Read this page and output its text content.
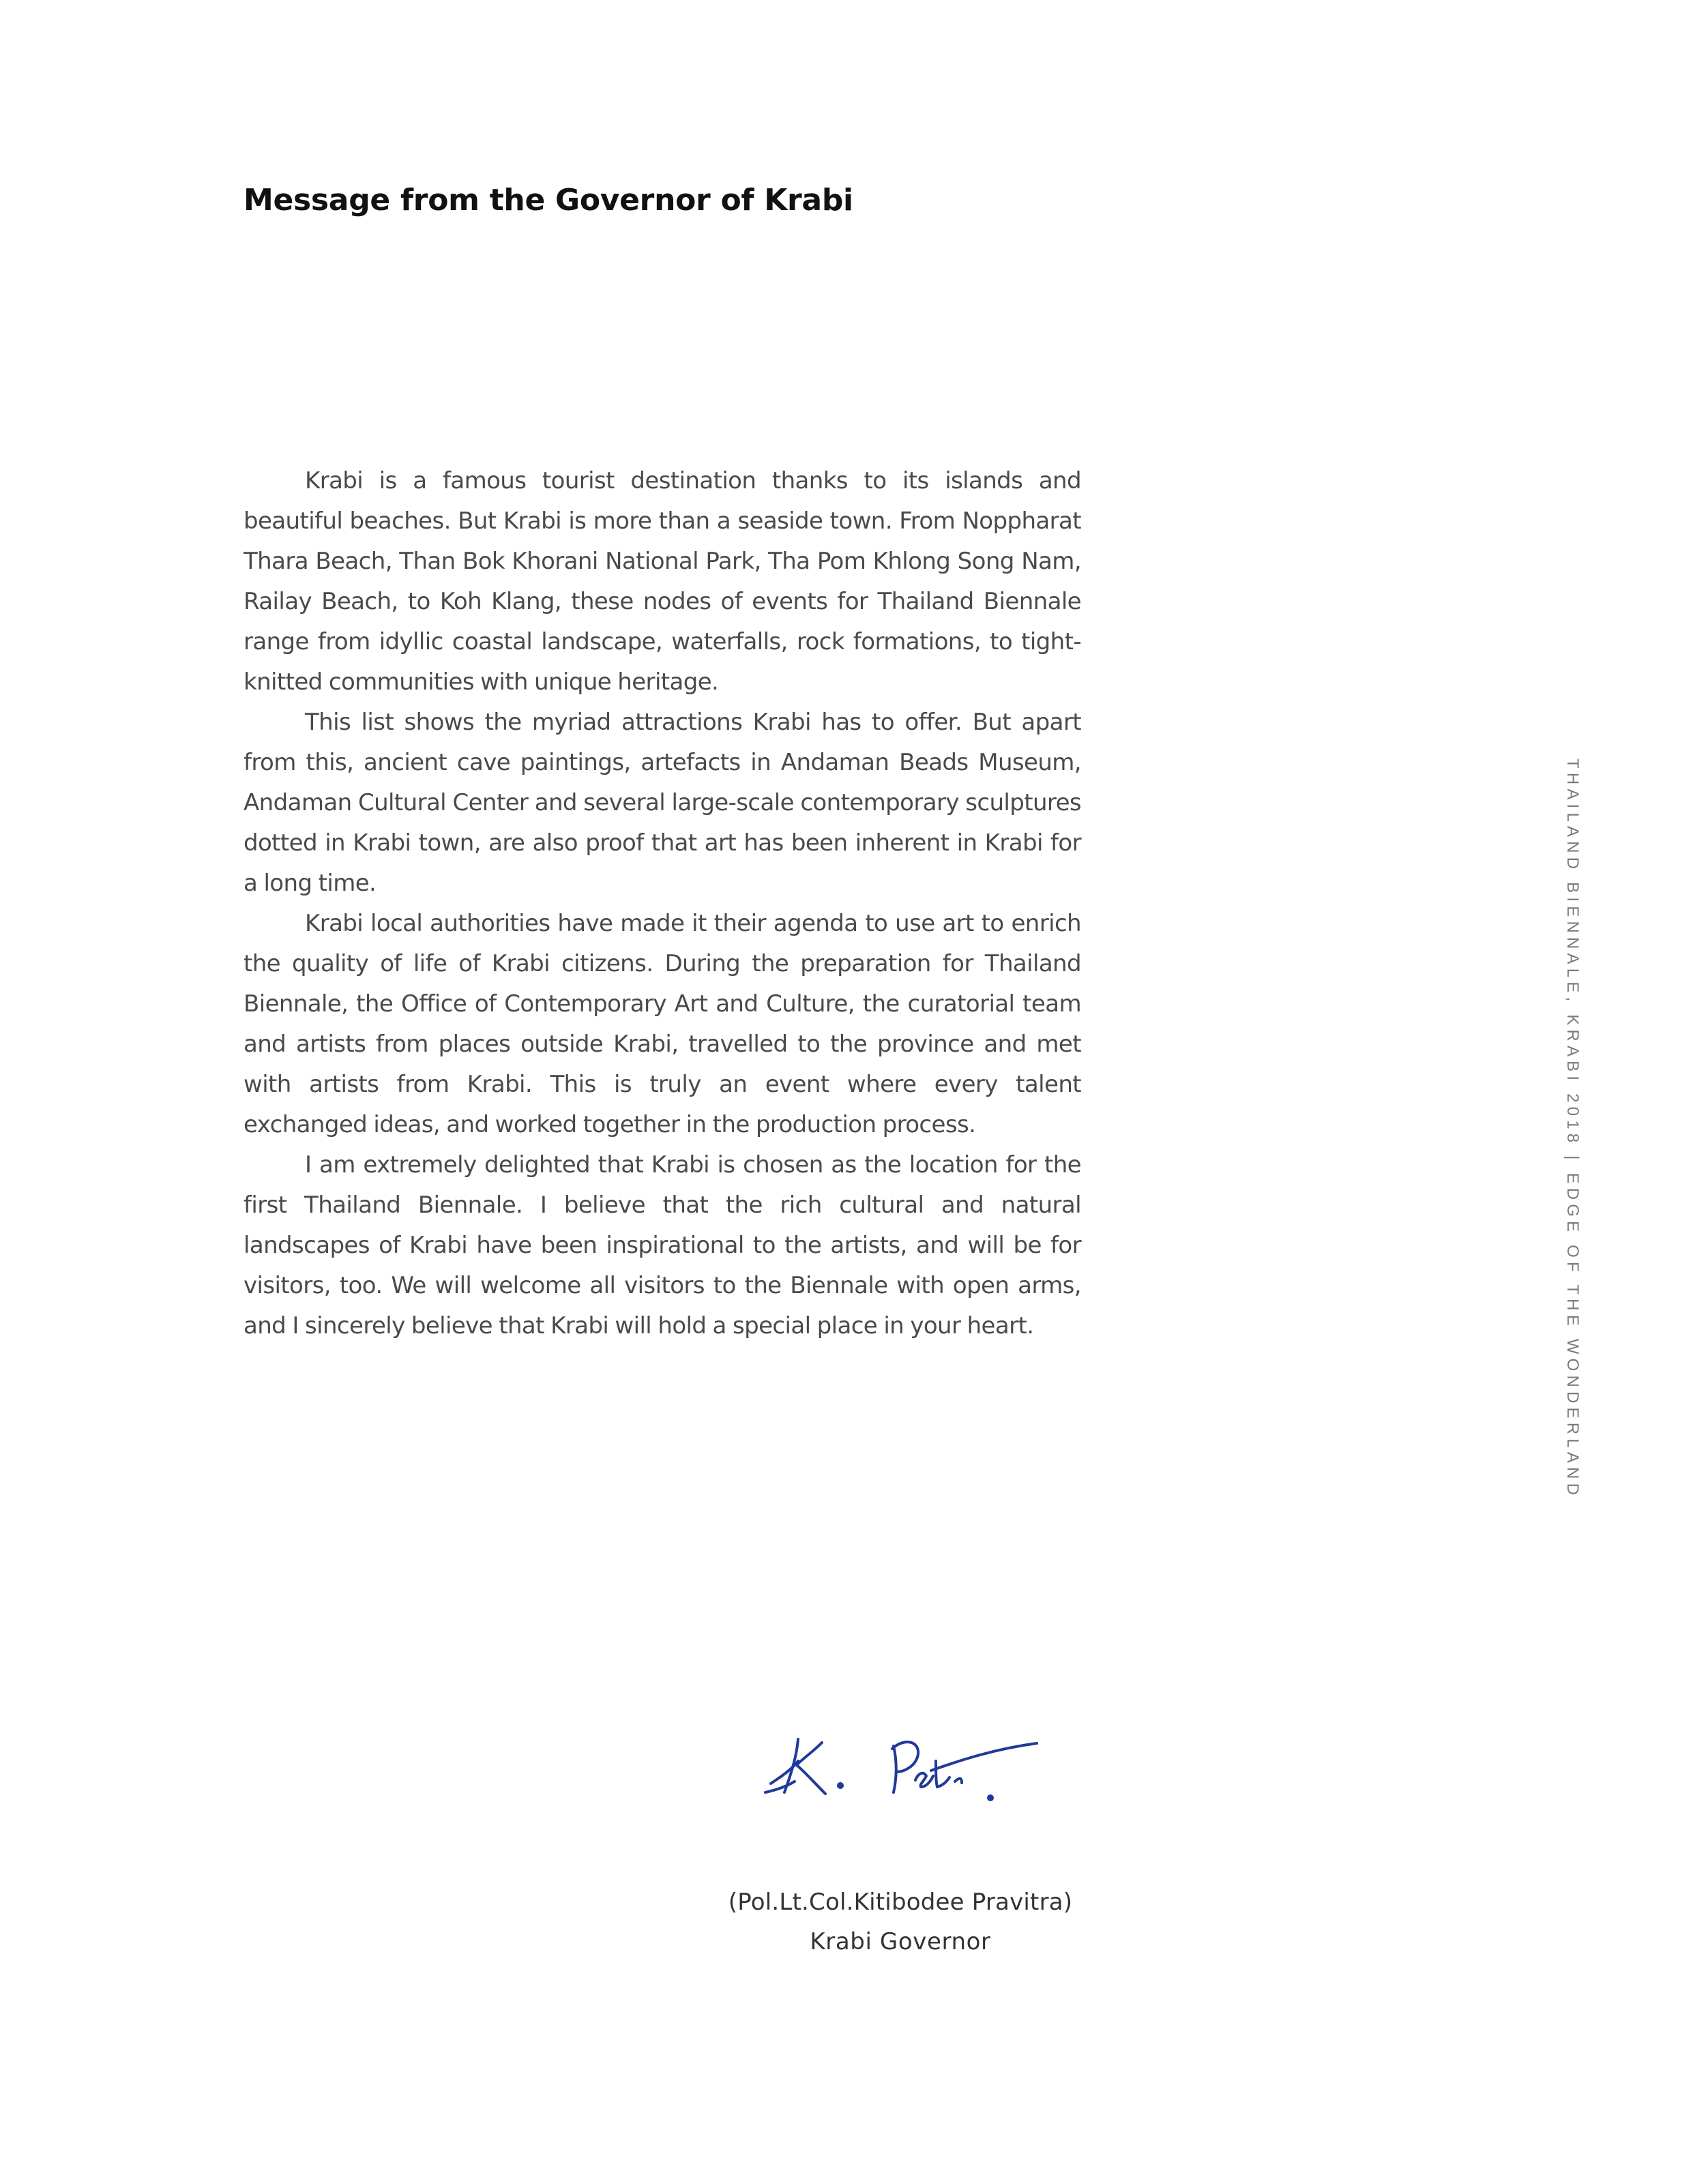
Message from the Governor of Krabi

Krabi is a famous tourist destination thanks to its islands and beautiful beaches. But Krabi is more than a seaside town. From Noppharat Thara Beach, Than Bok Khorani National Park, Tha Pom Khlong Song Nam, Railay Beach, to Koh Klang, these nodes of events for Thailand Biennale range from idyllic coastal landscape, waterfalls, rock formations, to tight-knitted communities with unique heritage.

This list shows the myriad attractions Krabi has to offer. But apart from this, ancient cave paintings, artefacts in Andaman Beads Museum, Andaman Cultural Center and several large-scale contemporary sculptures dotted in Krabi town, are also proof that art has been inherent in Krabi for a long time.

Krabi local authorities have made it their agenda to use art to enrich the quality of life of Krabi citizens. During the preparation for Thailand Biennale, the Office of Contemporary Art and Culture, the curatorial team and artists from places outside Krabi, travelled to the province and met with artists from Krabi. This is truly an event where every talent exchanged ideas, and worked together in the production process.

I am extremely delighted that Krabi is chosen as the location for the first Thailand Biennale. I believe that the rich cultural and natural landscapes of Krabi have been inspirational to the artists, and will be for visitors, too. We will welcome all visitors to the Biennale with open arms, and I sincerely believe that Krabi will hold a special place in your heart.	THAILAND BIENNALE, KRABI 2018 | EDGE OF THE WONDERLAND
(Pol.Lt.Col.Kitibodee Pravitra)
Krabi Governor
